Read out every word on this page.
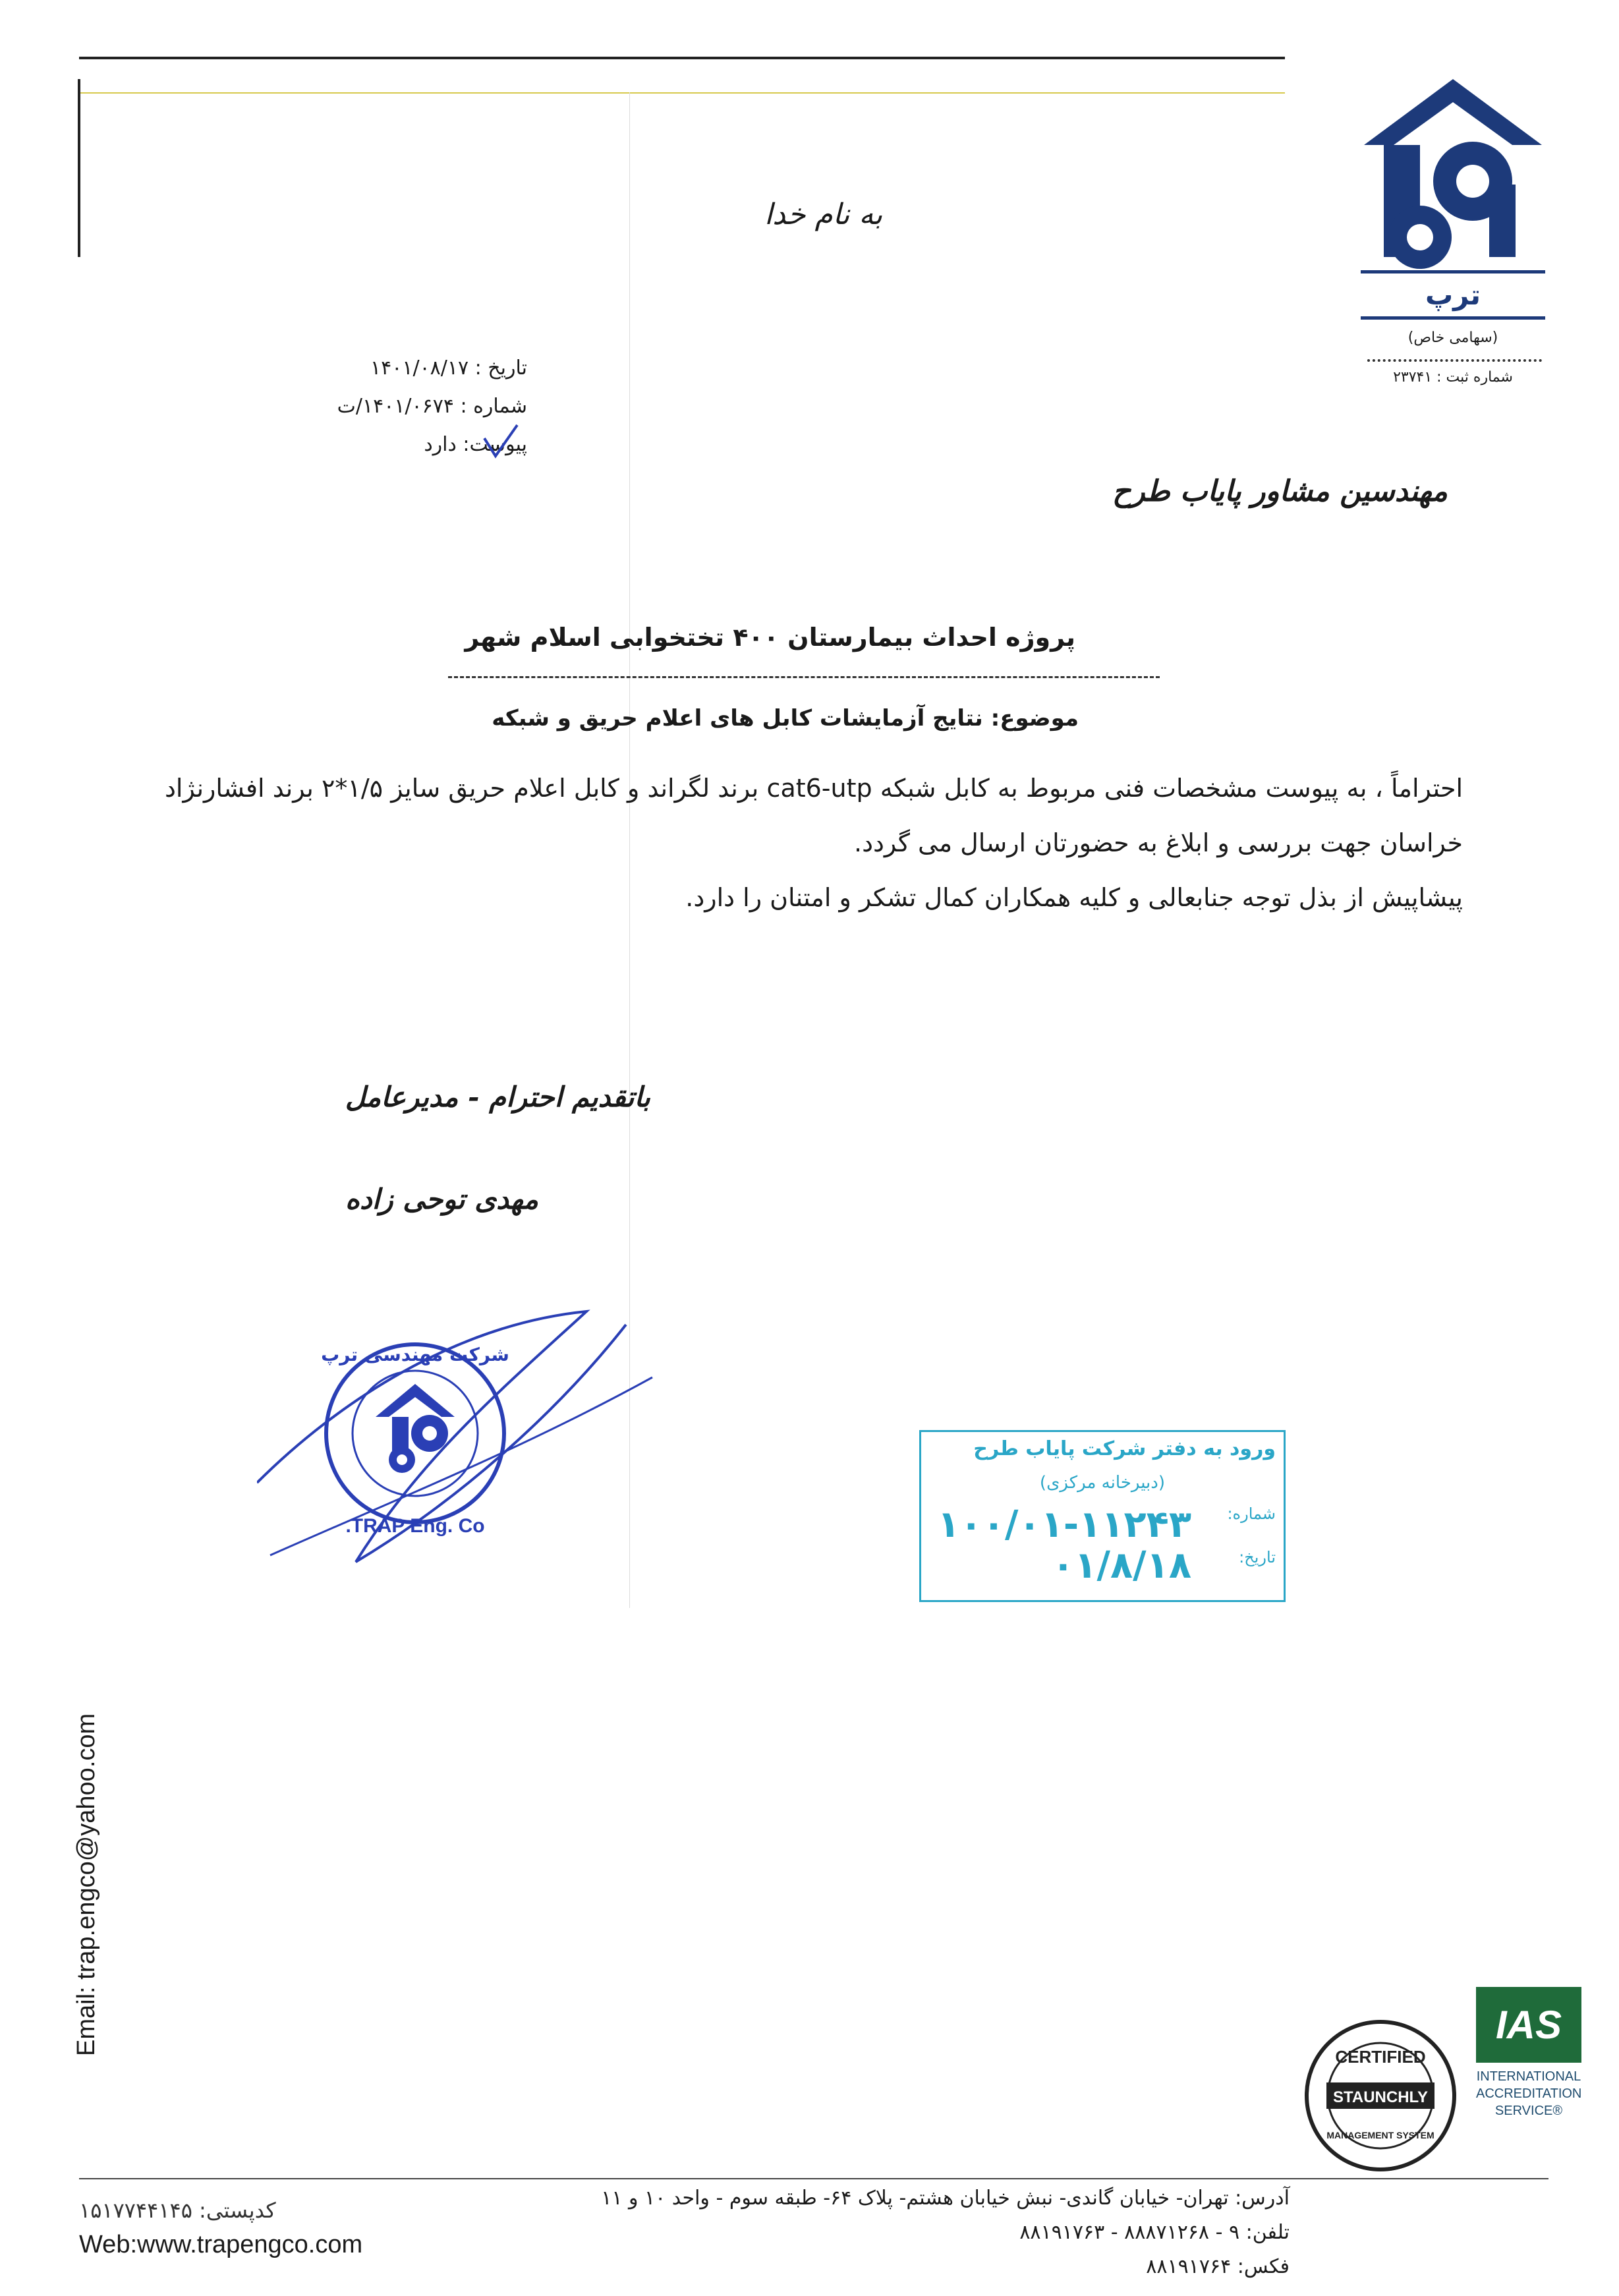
ترپ
(سهامی خاص)
شماره ثبت : ۲۳۷۴۱
به نام خدا
تاریخ : ۱۴۰۱/۰۸/۱۷
شماره : ۱۴۰۱/۰۶۷۴/ت
پیوست: دارد
مهندسین مشاور پایاب طرح
پروژه احداث بیمارستان ۴۰۰ تختخوابی اسلام شهر
موضوع: نتایج آزمایشات کابل های اعلام حریق و شبکه

احتراماً ، به پیوست مشخصات فنی مربوط به کابل شبکه cat6-utp برند لگراند و کابل اعلام حریق سایز ۱/۵*۲ برند افشارنژاد خراسان جهت بررسی و ابلاغ به حضورتان ارسال می گردد.

پیشاپیش از بذل توجه جنابعالی و کلیه همکاران کمال تشکر و امتنان را دارد.

باتقدیم احترام - مدیرعامل
مهدی توحی زاده
TRAP Eng. Co.
شرکت مهندسی ترپ
ورود به دفتر شرکت پایاب طرح
(دبیرخانه مرکزی)
شماره:
۱۰۰/۰۱-۱۱۲۴۳
تاریخ:
۰۱/۸/۱۸
Email: trap.engco@yahoo.com
STAUNCHLY
CERTIFIED
MANAGEMENT SYSTEM
IAS
INTERNATIONAL
ACCREDITATION
SERVICE®
آدرس: تهران- خیابان گاندی- نبش خیابان هشتم- پلاک ۶۴- طبقه سوم - واحد ۱۰ و ۱۱
تلفن: ۹ - ۸۸۸۷۱۲۶۸ - ۸۸۱۹۱۷۶۳
فکس: ۸۸۱۹۱۷۶۴
کدپستی: ۱۵۱۷۷۴۴۱۴۵
Web:www.trapengco.com
